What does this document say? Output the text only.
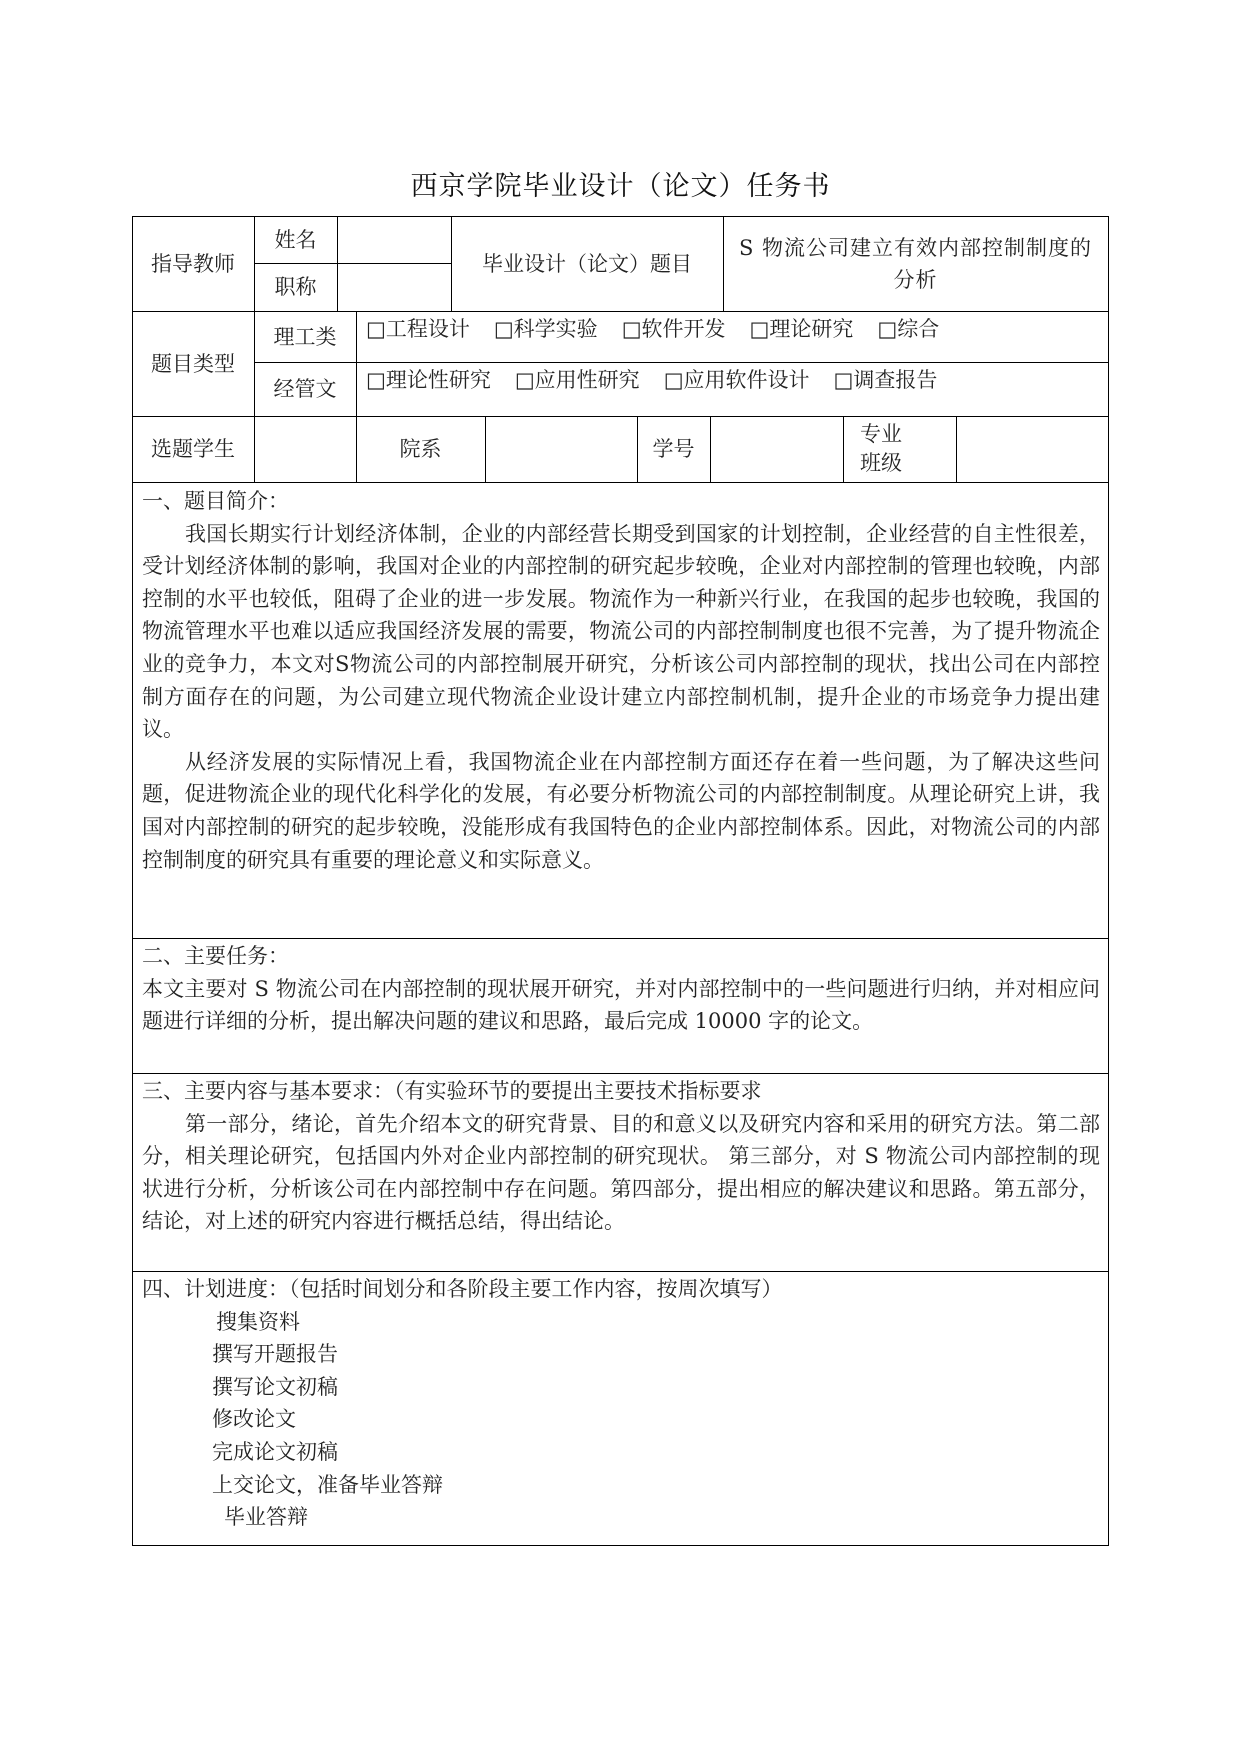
西京学院毕业设计（论文）任务书
指导教师
姓名
职称
毕业设计（论文）题目
S 物流公司建立有效内部控制制度的分析
题目类型
理工类
经管文
□工程设计 □科学实验 □软件开发 □理论研究 □综合
□理论性研究 □应用性研究 □应用软件设计 □调查报告
选题学生	院系	学号
专业班级

一、题目简介：

我国长期实行计划经济体制，企业的内部经营长期受到国家的计划控制，企业经营的自主性很差，受计划经济体制的影响，我国对企业的内部控制的研究起步较晚，企业对内部控制的管理也较晚，内部控制的水平也较低，阻碍了企业的进一步发展。物流作为一种新兴行业，在我国的起步也较晚，我国的物流管理水平也难以适应我国经济发展的需要，物流公司的内部控制制度也很不完善，为了提升物流企业的竞争力，本文对S物流公司的内部控制展开研究，分析该公司内部控制的现状，找出公司在内部控制方面存在的问题，为公司建立现代物流企业设计建立内部控制机制，提升企业的市场竞争力提出建议。

从经济发展的实际情况上看，我国物流企业在内部控制方面还存在着一些问题，为了解决这些问题，促进物流企业的现代化科学化的发展，有必要分析物流公司的内部控制制度。从理论研究上讲，我国对内部控制的研究的起步较晚，没能形成有我国特色的企业内部控制体系。因此，对物流公司的内部控制制度的研究具有重要的理论意义和实际意义。

二、主要任务：

本文主要对 S 物流公司在内部控制的现状展开研究，并对内部控制中的一些问题进行归纳，并对相应问题进行详细的分析，提出解决问题的建议和思路，最后完成 10000 字的论文。

三、主要内容与基本要求：（有实验环节的要提出主要技术指标要求

第一部分，绪论，首先介绍本文的研究背景、目的和意义以及研究内容和采用的研究方法。第二部分，相关理论研究，包括国内外对企业内部控制的研究现状。 第三部分，对 S 物流公司内部控制的现状进行分析，分析该公司在内部控制中存在问题。第四部分，提出相应的解决建议和思路。第五部分，结论，对上述的研究内容进行概括总结，得出结论。

四、计划进度：（包括时间划分和各阶段主要工作内容，按周次填写）

搜集资料

撰写开题报告

撰写论文初稿

修改论文

完成论文初稿

上交论文，准备毕业答辩

毕业答辩
